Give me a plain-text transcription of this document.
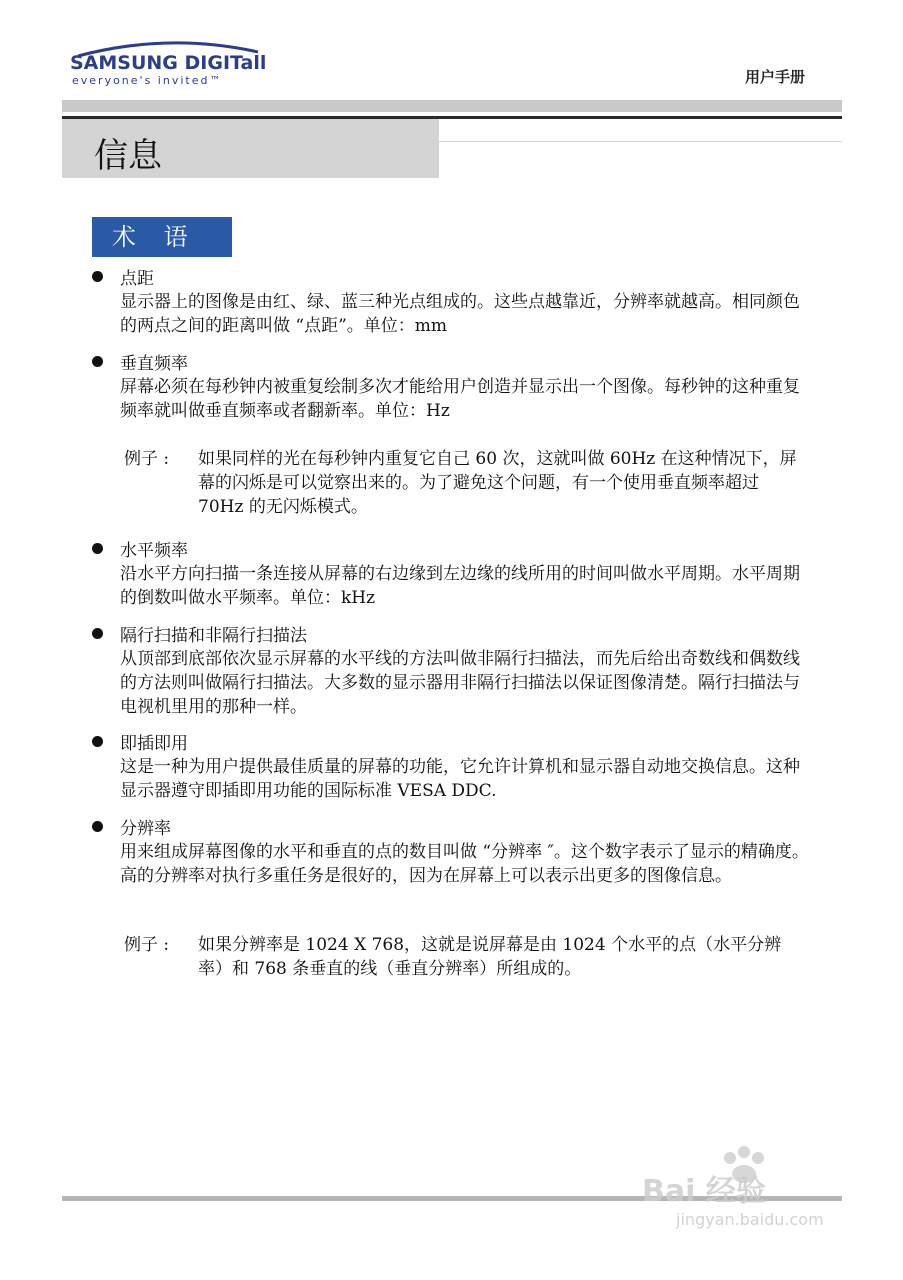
SAMSUNG DIGITall
everyone's invited™	用户手册
信息
术 语
点距
显示器上的图像是由红、绿、蓝三种光点组成的。这些点越靠近，分辨率就越高。相同颜色的两点之间的距离叫做 “点距”。单位：mm
垂直频率
屏幕必须在每秒钟内被重复绘制多次才能给用户创造并显示出一个图像。每秒钟的这种重复频率就叫做垂直频率或者翻新率。单位：Hz
例子 : 如果同样的光在每秒钟内重复它自己 60 次，这就叫做 60Hz 在这种情况下，屏幕的闪烁是可以觉察出来的。为了避免这个问题，有一个使用垂直频率超过 70Hz 的无闪烁模式。
水平频率
沿水平方向扫描一条连接从屏幕的右边缘到左边缘的线所用的时间叫做水平周期。水平周期的倒数叫做水平频率。单位：kHz
隔行扫描和非隔行扫描法
从顶部到底部依次显示屏幕的水平线的方法叫做非隔行扫描法，而先后给出奇数线和偶数线的方法则叫做隔行扫描法。大多数的显示器用非隔行扫描法以保证图像清楚。隔行扫描法与电视机里用的那种一样。
即插即用
这是一种为用户提供最佳质量的屏幕的功能，它允许计算机和显示器自动地交换信息。这种显示器遵守即插即用功能的国际标准 VESA DDC.
分辨率
用来组成屏幕图像的水平和垂直的点的数目叫做 “分辨率 ″。这个数字表示了显示的精确度。高的分辨率对执行多重任务是很好的，因为在屏幕上可以表示出更多的图像信息。
例子 : 如果分辨率是 1024 X 768，这就是说屏幕是由 1024 个水平的点（水平分辨率）和 768 条垂直的线（垂直分辨率）所组成的。
Bai 经验
jingyan.baidu.com
